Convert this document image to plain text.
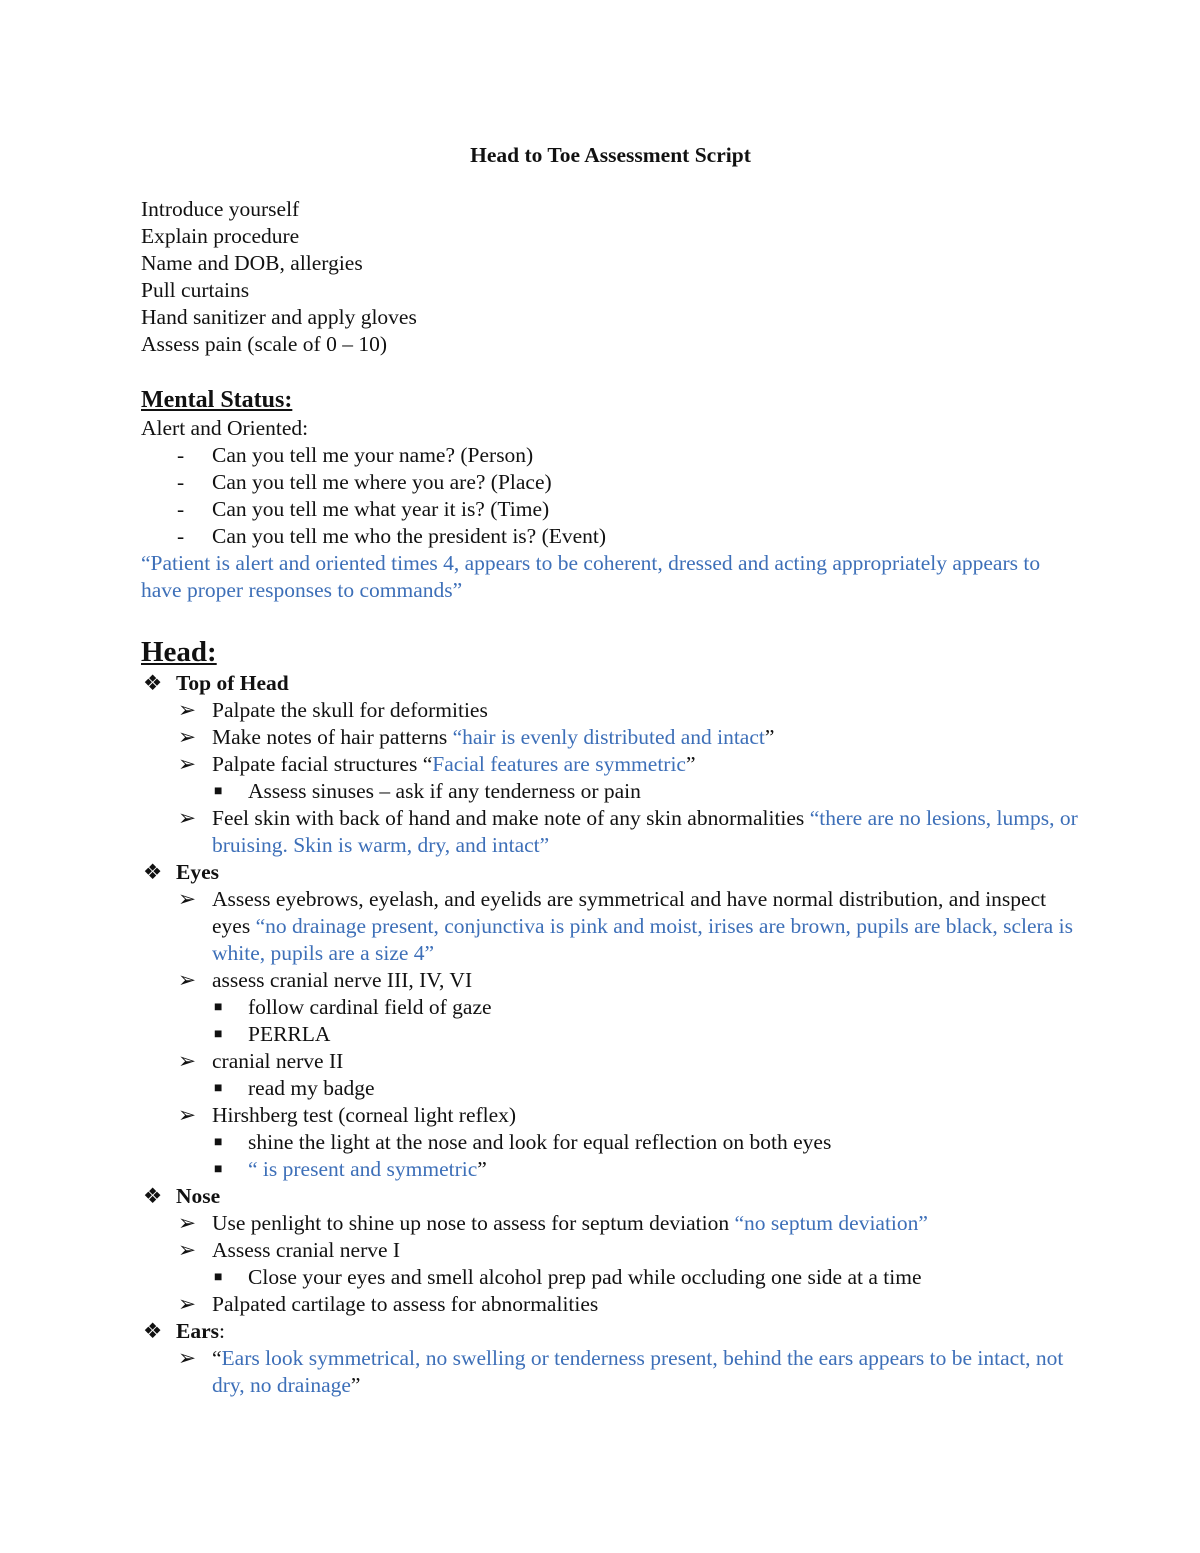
Head to Toe Assessment Script
Introduce yourself
Explain procedure
Name and DOB, allergies
Pull curtains
Hand sanitizer and apply gloves
Assess pain (scale of 0 – 10)
Mental Status:
Alert and Oriented:
- Can you tell me your name? (Person)
- Can you tell me where you are? (Place)
- Can you tell me what year it is? (Time)
- Can you tell me who the president is? (Event)
“Patient is alert and oriented times 4, appears to be coherent, dressed and acting appropriately appears to have proper responses to commands”
Head:
❖ Top of Head
➢ Palpate the skull for deformities
➢ Make notes of hair patterns “hair is evenly distributed and intact”
➢ Palpate facial structures “Facial features are symmetric”
■ Assess sinuses – ask if any tenderness or pain
➢ Feel skin with back of hand and make note of any skin abnormalities “there are no lesions, lumps, or bruising. Skin is warm, dry, and intact”
❖ Eyes
➢ Assess eyebrows, eyelash, and eyelids are symmetrical and have normal distribution, and inspect eyes “no drainage present, conjunctiva is pink and moist, irises are brown, pupils are black, sclera is white, pupils are a size 4”
➢ assess cranial nerve III, IV, VI
■ follow cardinal field of gaze
■ PERRLA
➢ cranial nerve II
■ read my badge
➢ Hirshberg test (corneal light reflex)
■ shine the light at the nose and look for equal reflection on both eyes
■ “ is present and symmetric”
❖ Nose
➢ Use penlight to shine up nose to assess for septum deviation “no septum deviation”
➢ Assess cranial nerve I
■ Close your eyes and smell alcohol prep pad while occluding one side at a time
➢ Palpated cartilage to assess for abnormalities
❖ Ears:
➢ “Ears look symmetrical, no swelling or tenderness present, behind the ears appears to be intact, not dry, no drainage”
